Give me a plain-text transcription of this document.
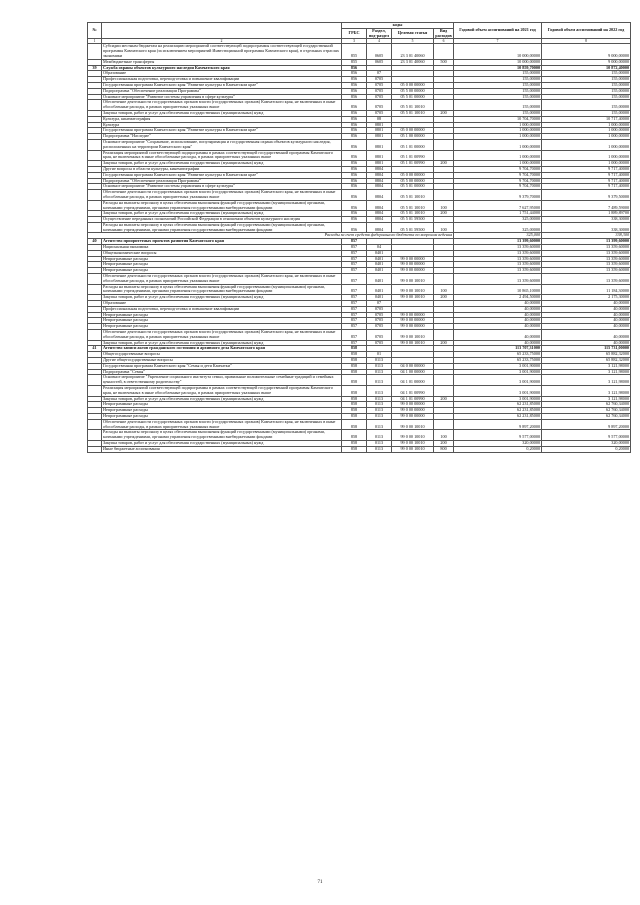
№		коды				Годовой объем ассигнований на 2021 год	Годовой объем ассигнований на 2022 год
		ГРБС	Раздел, под-раздел	Целевая статья	Вид расходов		
1	2	3	4	5	6	7	8
	Субсидии местным бюджетам на реализацию мероприятий соответствующей подпрограммы соответствующей государственной программы Камчатского края (за исключением мероприятий Инвестиционной программы Камчатского края), в отдельных отраслях экономики	855	0605	23 3 01 40060		10 000,00000	9 000,00000
	Межбюджетные трансферты	855	0605	23 3 01 40060	500	10 000,00000	9 000,00000
39	Служба охраны объектов культурного наследия Камчатского края	856				10 859,70000	10 872,40000
	Образование	856	07			155,00000	155,00000
	Профессиональная подготовка, переподготовка и повышение квалификации	856	0705			155,00000	155,00000
	Государственная программа Камчатского края "Развитие культуры в Камчатском крае"	856	0705	05 0 00 00000		155,00000	155,00000
	Подпрограмма "Обеспечение реализации Программы"	856	0705	05 5 00 00000		155,00000	155,00000
	Основное мероприятие "Развитие системы управления в сфере культуры"	856	0705	05 5 01 00000		155,00000	155,00000
	Обеспечение деятельности государственных органов власти (государственных органов) Камчатского края, не включенных в иные обособленные расходы, в рамках приоритетных указанных выше	856	0705	05 5 01 10010		155,00000	155,00000
	Закупка товаров, работ и услуг для обеспечения государственных (муниципальных) нужд	856	0705	05 5 01 10010	200	155,00000	155,00000
	Культура, кинематография	856	08			10 704,70000	10 717,40000
	Культура	856	0801			1 000,00000	1 000,00000
	Государственная программа Камчатского края "Развитие культуры в Камчатском крае"	856	0801	05 0 00 00000		1 000,00000	1 000,00000
	Подпрограмма "Наследие"	856	0801	05 1 00 00000		1 000,00000	1 000,00000
	Основное мероприятие "Сохранение, использование, популяризация и государственная охрана объектов культурного наследия, расположенных на территории Камчатского края"	856	0801	05 1 01 00000		1 000,00000	1 000,00000
	Реализация мероприятий соответствующей подпрограммы в рамках соответствующей государственной программы Камчатского края, не включенных в иные обособленные расходы, в рамках приоритетных указанных выше	856	0801	05 1 01 00990		1 000,00000	1 000,00000
	Закупка товаров, работ и услуг для обеспечения государственных (муниципальных) нужд	856	0801	05 1 01 00990	200	1 000,00000	1 000,00000
	Другие вопросы в области культуры, кинематографии	856	0804			9 704,70000	9 717,40000
	Государственная программа Камчатского края "Развитие культуры в Камчатском крае"	856	0804	05 0 00 00000		9 704,70000	9 717,40000
	Подпрограмма "Обеспечение реализации Программы"	856	0804	05 5 00 00000		9 704,70000	9 717,40000
	Основное мероприятие "Развитие системы управления в сфере культуры"	856	0804	05 5 01 00000		9 704,70000	9 717,40000
	Обеспечение деятельности государственных органов власти (государственных органов) Камчатского края, не включенных в иные обособленные расходы, в рамках приоритетных указанных выше	856	0804	05 5 01 10010		9 379,70000	9 379,50000
	Расходы на выплаты персоналу в целях обеспечения выполнения функций государственными (муниципальными) органами, казенными учреждениями, органами управления государственными внебюджетными фондами	856	0804	05 5 01 10010	100	7 627,95000	7 489,59000
	Закупка товаров, работ и услуг для обеспечения государственных (муниципальных) нужд	856	0804	05 5 01 10010	200	1 751,44000	1 889,89700
	Осуществление переданных полномочий Российской Федерации в отношении объектов культурного наследия	856	0804	05 5 01 59500		325,00000	338,30000
	Расходы на выплаты персоналу в целях обеспечения выполнения функций государственными (муниципальными) органами, казенными учреждениями, органами управления государственными внебюджетными фондами	856	0804	05 5 01 59500	100	325,00000	338,30000
Расходы за счет средств федерального бюджета по вопросам ведения						325,000	338,300
40	Агентство приоритетных проектов развития Камчатского края	857				13 399,60000	13 399,60000
	Национальная экономика	857	04			13 359,60000	13 359,60000
	Общеэкономические вопросы	857	0401			13 359,60000	13 359,60000
	Непрограммные расходы	857	0401	99 0 00 00000		13 359,60000	13 359,60000
	Непрограммные расходы	857	0401	99 0 00 00000		13 359,60000	13 359,60000
	Непрограммные расходы	857	0401	99 0 00 00000		13 359,60000	13 359,60000
	Обеспечение деятельности государственных органов власти (государственных органов) Камчатского края, не включенных в иные обособленные расходы, в рамках приоритетных указанных выше	857	0401	99 0 00 10010		13 359,60000	13 359,60000
	Расходы на выплаты персоналу в целях обеспечения выполнения функций государственными (муниципальными) органами, казенными учреждениями, органами управления государственными внебюджетными фондами	857	0401	99 0 00 10010	100	10 865,10000	11 184,30000
	Закупка товаров, работ и услуг для обеспечения государственных (муниципальных) нужд	857	0401	99 0 00 10010	200	2 494,50000	2 175,30000
	Образование	857	07			40,00000	40,00000
	Профессиональная подготовка, переподготовка и повышение квалификации	857	0705			40,00000	40,00000
	Непрограммные расходы	857	0705	99 0 00 00000		40,00000	40,00000
	Непрограммные расходы	857	0705	99 0 00 00000		40,00000	40,00000
	Непрограммные расходы	857	0705	99 0 00 00000		40,00000	40,00000
	Обеспечение деятельности государственных органов власти (государственных органов) Камчатского края, не включенных в иные обособленные расходы, в рамках приоритетных указанных выше	857	0705	99 0 00 10010		40,00000	40,00000
	Закупка товаров, работ и услуг для обеспечения государственных (муниципальных) нужд	857	0705	99 0 00 10010	200	40,00000	40,00000
41	Агентство записи актов гражданского состояния и архивного дела Камчатского края	858				113 707,31000	115 731,00000
	Общегосударственные вопросы	858	01			65 233,75000	65 882,32000
	Другие общегосударственные вопросы	858	0113			65 233,75000	65 882,32000
	Государственная программа Камчатского края "Семья и дети Камчатки"	858	0113	04 0 00 00000		3 001,90000	3 121,98000
	Подпрограмма "Семья"	858	0113	04 1 00 00000		3 001,90000	3 121,98000
	Основное мероприятие "Укрепление социального института семьи, правильные положительные семейные традиций и семейных ценностей, в ответственному родительству"	858	0113	04 1 01 00000		3 001,90000	3 121,98000
	Реализация мероприятий соответствующей подпрограммы в рамках соответствующей государственной программы Камчатского края, не включенных в иные обособленные расходы, в рамках приоритетных указанных выше	858	0113	04 1 01 00990		3 001,90000	3 121,98000
	Закупка товаров, работ и услуг для обеспечения государственных (муниципальных) нужд	858	0113	04 1 01 00990	200	3 001,90000	3 121,98000
	Непрограммные расходы	858	0113	99 0 00 00000		62 231,85000	62 760,34000
	Непрограммные расходы	858	0113	99 0 00 00000		62 231,85000	62 760,34000
	Непрограммные расходы	858	0113	99 0 00 00000		62 231,85000	62 760,34000
	Обеспечение деятельности государственных органов власти (государственных органов) Камчатского края, не включенных в иные обособленные расходы, в рамках приоритетных указанных выше	858	0113	99 0 00 10010		9 897,20000	9 897,20000
	Расходы на выплаты персоналу в целях обеспечения выполнения функций государственными (муниципальными) органами, казенными учреждениями, органами управления государственными внебюджетными фондами	858	0113	99 0 00 10010	100	9 577,00000	9 577,00000
	Закупка товаров, работ и услуг для обеспечения государственных (муниципальных) нужд	858	0113	99 0 00 10010	200	320,00000	320,00000
	Иные бюджетные ассигнования	858	0113	99 0 00 10010	800	0,20000	0,20000
71
